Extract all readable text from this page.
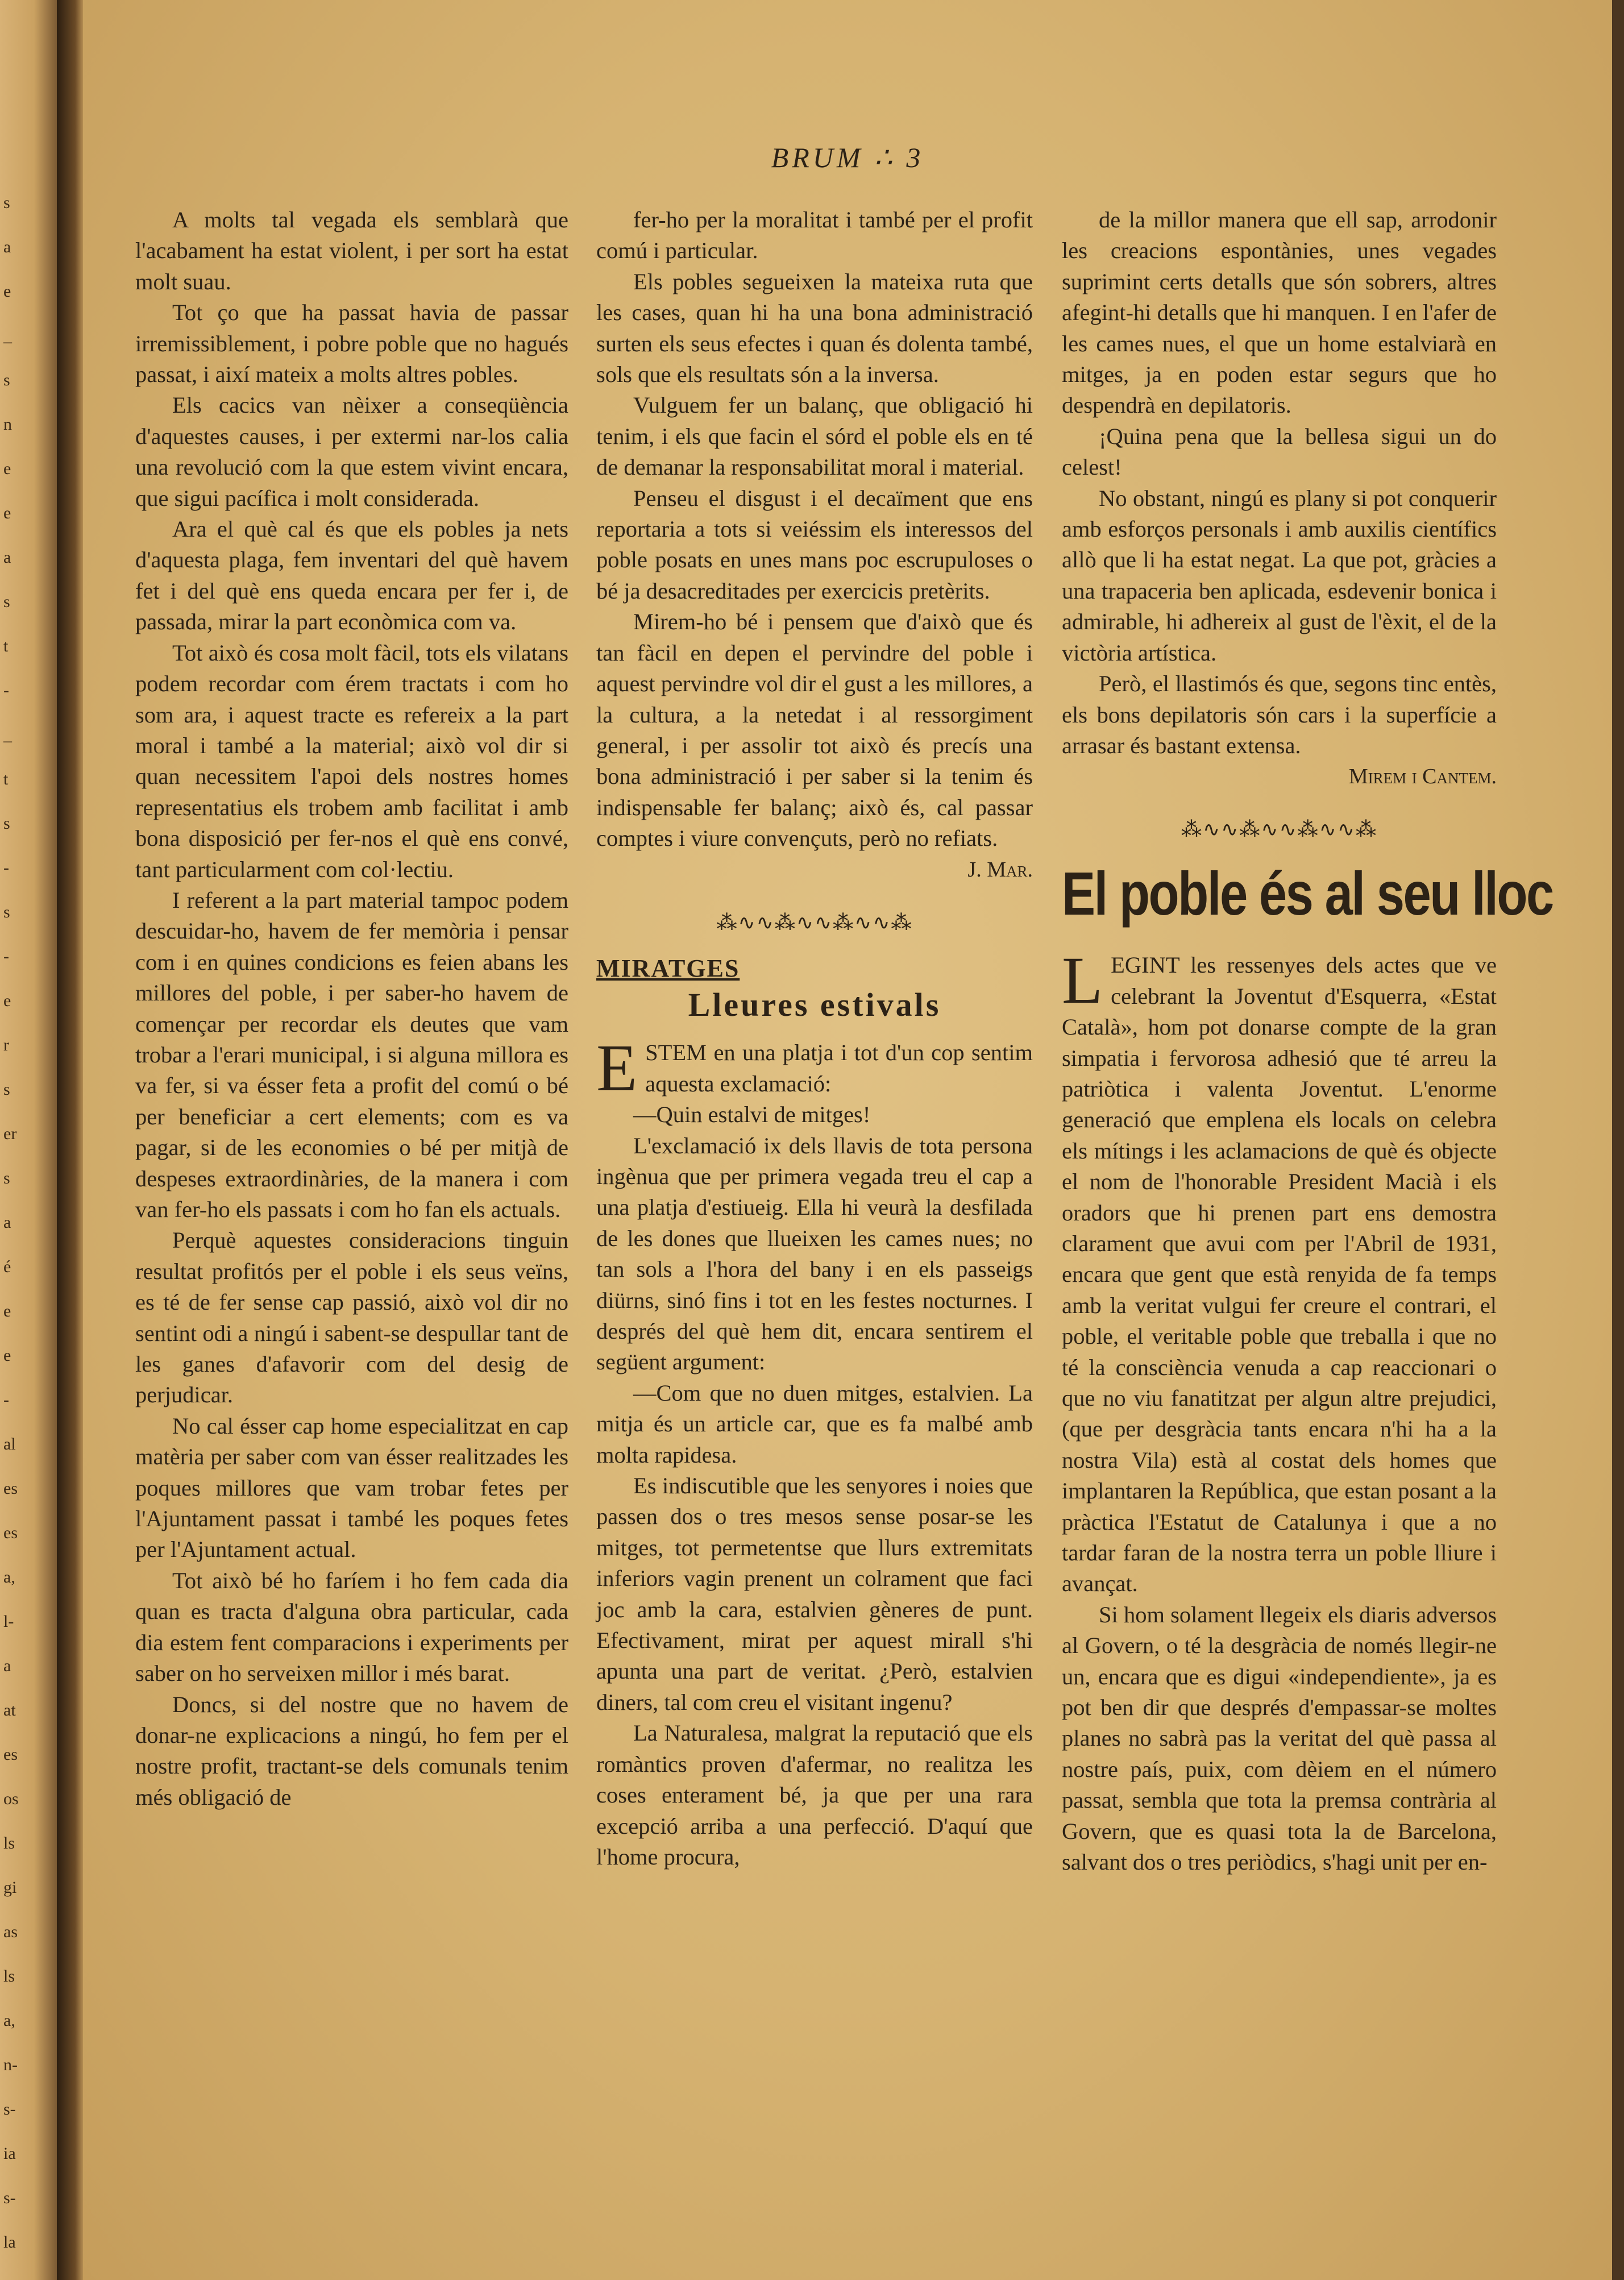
s
a
e
_
s
n
e
e
a
s
t
-
_
t
s
-
s
-
e
r
s
er
s
a
é
e
e
-
al
es
es
a,
l-
a
at
es
os
ls
gi
as
ls
a,
n-
s-
ia
s-
la
BRUM ∴ 3

A molts tal vegada els semblarà que l'acabament ha estat violent, i per sort ha estat molt suau.

Tot ço que ha passat havia de passar irremissiblement, i pobre poble que no hagués passat, i així mateix a molts altres pobles.

Els cacics van nèixer a conseqüència d'aquestes causes, i per extermi nar-los calia una revolució com la que estem vivint encara, que sigui pacífica i molt considerada.

Ara el què cal és que els pobles ja nets d'aquesta plaga, fem inventari del què havem fet i del què ens queda encara per fer i, de passada, mirar la part econòmica com va.

Tot això és cosa molt fàcil, tots els vilatans podem recordar com érem tractats i com ho som ara, i aquest tracte es refereix a la part moral i també a la material; això vol dir si quan necessitem l'apoi dels nostres homes representatius els trobem amb facilitat i amb bona disposició per fer-nos el què ens convé, tant particularment com col·lectiu.

I referent a la part material tampoc podem descuidar-ho, havem de fer memòria i pensar com i en quines condicions es feien abans les millores del poble, i per saber-ho havem de començar per recordar els deutes que vam trobar a l'erari municipal, i si alguna millora es va fer, si va ésser feta a profit del comú o bé per beneficiar a cert elements; com es va pagar, si de les economies o bé per mitjà de despeses extraordinàries, de la manera i com van fer-ho els passats i com ho fan els actuals.

Perquè aquestes consideracions tinguin resultat profitós per el poble i els seus veïns, es té de fer sense cap passió, això vol dir no sentint odi a ningú i sabent-se despullar tant de les ganes d'afavorir com del desig de perjudicar.

No cal ésser cap home especialitzat en cap matèria per saber com van ésser realitzades les poques millores que vam trobar fetes per l'Ajuntament passat i també les poques fetes per l'Ajuntament actual.

Tot això bé ho faríem i ho fem cada dia quan es tracta d'alguna obra particular, cada dia estem fent comparacions i experiments per saber on ho serveixen millor i més barat.

Doncs, si del nostre que no havem de donar-ne explicacions a ningú, ho fem per el nostre profit, tractant-se dels comunals tenim més obligació de

fer-ho per la moralitat i també per el profit comú i particular.

Els pobles segueixen la mateixa ruta que les cases, quan hi ha una bona administració surten els seus efectes i quan és dolenta també, sols que els resultats són a la inversa.

Vulguem fer un balanç, que obligació hi tenim, i els que facin el sórd el poble els en té de demanar la responsabilitat moral i material.

Penseu el disgust i el decaïment que ens reportaria a tots si veiéssim els interessos del poble posats en unes mans poc escrupuloses o bé ja desacreditades per exercicis pretèrits.

Mirem-ho bé i pensem que d'això que és tan fàcil en depen el pervindre del poble i aquest pervindre vol dir el gust a les millores, a la cultura, a la netedat i al ressorgiment general, i per assolir tot això és precís una bona administració i per saber si la tenim és indispensable fer balanç; això és, cal passar comptes i viure convençuts, però no refiats.

J. Mar.

⁂∿∿⁂∿∿⁂∿∿⁂
MIRATGES
Lleures estivals

ESTEM en una platja i tot d'un cop sentim aquesta exclamació:

—Quin estalvi de mitges!

L'exclamació ix dels llavis de tota persona ingènua que per primera vegada treu el cap a una platja d'estiueig. Ella hi veurà la desfilada de les dones que llueixen les cames nues; no tan sols a l'hora del bany i en els passeigs diürns, sinó fins i tot en les festes nocturnes. I després del què hem dit, encara sentirem el següent argument:

—Com que no duen mitges, estalvien. La mitja és un article car, que es fa malbé amb molta rapidesa.

Es indiscutible que les senyores i noies que passen dos o tres mesos sense posar-se les mitges, tot permetentse que llurs extremitats inferiors vagin prenent un colrament que faci joc amb la cara, estalvien gèneres de punt. Efectivament, mirat per aquest mirall s'hi apunta una part de veritat. ¿Però, estalvien diners, tal com creu el visitant ingenu?

La Naturalesa, malgrat la reputació que els romàntics proven d'afermar, no realitza les coses enterament bé, ja que per una rara excepció arriba a una perfecció. D'aquí que l'home procura,

de la millor manera que ell sap, arrodonir les creacions espontànies, unes vegades suprimint certs detalls que són sobrers, altres afegint-hi detalls que hi manquen. I en l'afer de les cames nues, el que un home estalviarà en mitges, ja en poden estar segurs que ho despendrà en depilatoris.

¡Quina pena que la bellesa sigui un do celest!

No obstant, ningú es plany si pot conquerir amb esforços personals i amb auxilis científics allò que li ha estat negat. La que pot, gràcies a una trapaceria ben aplicada, esdevenir bonica i admirable, hi adhereix al gust de l'èxit, el de la victòria artística.

Però, el llastimós és que, segons tinc entès, els bons depilatoris són cars i la superfície a arrasar és bastant extensa.

Mirem i Cantem.

⁂∿∿⁂∿∿⁂∿∿⁂
El poble és al seu lloc

LEGINT les ressenyes dels actes que ve celebrant la Joventut d'Esquerra, «Estat Català», hom pot donarse compte de la gran simpatia i fervorosa adhesió que té arreu la patriòtica i valenta Joventut. L'enorme generació que emplena els locals on celebra els mítings i les aclamacions de què és objecte el nom de l'honorable President Macià i els oradors que hi prenen part ens demostra clarament que avui com per l'Abril de 1931, encara que gent que està renyida de fa temps amb la veritat vulgui fer creure el contrari, el poble, el veritable poble que treballa i que no té la consciència venuda a cap reaccionari o que no viu fanatitzat per algun altre prejudici, (que per desgràcia tants encara n'hi ha a la nostra Vila) està al costat dels homes que implantaren la República, que estan posant a la pràctica l'Estatut de Catalunya i que a no tardar faran de la nostra terra un poble lliure i avançat.

Si hom solament llegeix els diaris adversos al Govern, o té la desgràcia de només llegir-ne un, encara que es digui «independiente», ja es pot ben dir que després d'empassar-se moltes planes no sabrà pas la veritat del què passa al nostre país, puix, com dèiem en el número passat, sembla que tota la premsa contrària al Govern, que es quasi tota la de Barcelona, salvant dos o tres periòdics, s'hagi unit per en-
